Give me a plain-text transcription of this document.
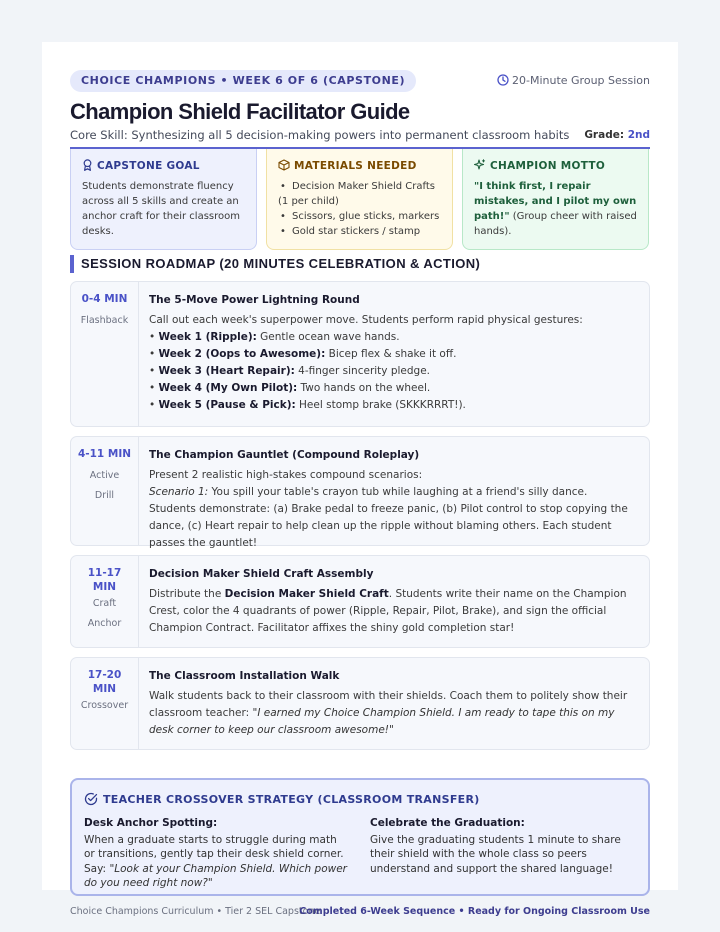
CHOICE CHAMPIONS • WEEK 6 OF 6 (CAPSTONE)	20-Minute Group Session
Champion Shield Facilitator Guide
Core Skill: Synthesizing all 5 decision-making powers into permanent classroom habits Grade: 2nd
CAPSTONE GOAL
Students demonstrate fluency across all 5 skills and create an anchor craft for their classroom desks.
MATERIALS NEEDED
• Decision Maker Shield Crafts
(1 per child)
• Scissors, glue sticks, markers
• Gold star stickers / stamp
CHAMPION MOTTO
"I think first, I repair mistakes, and I pilot my own path!" (Group cheer with raised hands).
SESSION ROADMAP (20 MINUTES CELEBRATION & ACTION)
0-4 MIN
Flashback
The 5-Move Power Lightning Round
Call out each week's superpower move. Students perform rapid physical gestures:
• Week 1 (Ripple): Gentle ocean wave hands.
• Week 2 (Oops to Awesome): Bicep flex & shake it off.
• Week 3 (Heart Repair): 4-finger sincerity pledge.
• Week 4 (My Own Pilot): Two hands on the wheel.
• Week 5 (Pause & Pick): Heel stomp brake (SKKKRRRT!).
4-11 MIN
Active
Drill
The Champion Gauntlet (Compound Roleplay)
Present 2 realistic high-stakes compound scenarios:
Scenario 1: You spill your table's crayon tub while laughing at a friend's silly dance.
Students demonstrate: (a) Brake pedal to freeze panic, (b) Pilot control to stop copying the dance, (c) Heart repair to help clean up the ripple without blaming others. Each student passes the gauntlet!
11-17
MIN
Craft
Anchor
Decision Maker Shield Craft Assembly
Distribute the Decision Maker Shield Craft. Students write their name on the Champion Crest, color the 4 quadrants of power (Ripple, Repair, Pilot, Brake), and sign the official Champion Contract. Facilitator affixes the shiny gold completion star!
17-20
MIN
Crossover
The Classroom Installation Walk
Walk students back to their classroom with their shields. Coach them to politely show their classroom teacher: "I earned my Choice Champion Shield. I am ready to tape this on my desk corner to keep our classroom awesome!"
TEACHER CROSSOVER STRATEGY (CLASSROOM TRANSFER)
Desk Anchor Spotting:
When a graduate starts to struggle during math or transitions, gently tap their desk shield corner. Say: "Look at your Champion Shield. Which power do you need right now?"
Celebrate the Graduation:
Give the graduating students 1 minute to share their shield with the whole class so peers understand and support the shared language!
Choice Champions Curriculum • Tier 2 SEL Capstone
Completed 6-Week Sequence • Ready for Ongoing Classroom Use
